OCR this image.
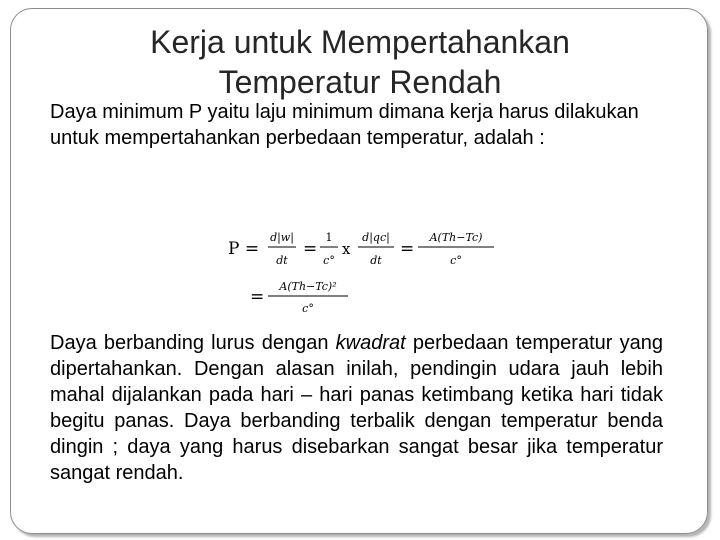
Kerja untuk Mempertahankan
Temperatur Rendah
Daya minimum P yaitu laju minimum dimana kerja harus dilakukan untuk mempertahankan perbedaan temperatur, adalah :
P =
d|w|
dt
=
1
c°
x
d|qc|
dt
=
A(Th−Tc)
c°
=
A(Th−Tc)²
c°
Daya berbanding lurus dengan kwadrat perbedaan temperatur yang dipertahankan. Dengan alasan inilah, pendingin udara jauh lebih mahal dijalankan pada hari – hari panas ketimbang ketika hari tidak begitu panas. Daya berbanding terbalik dengan temperatur benda dingin ; daya yang harus disebarkan sangat besar jika temperatur sangat rendah.
